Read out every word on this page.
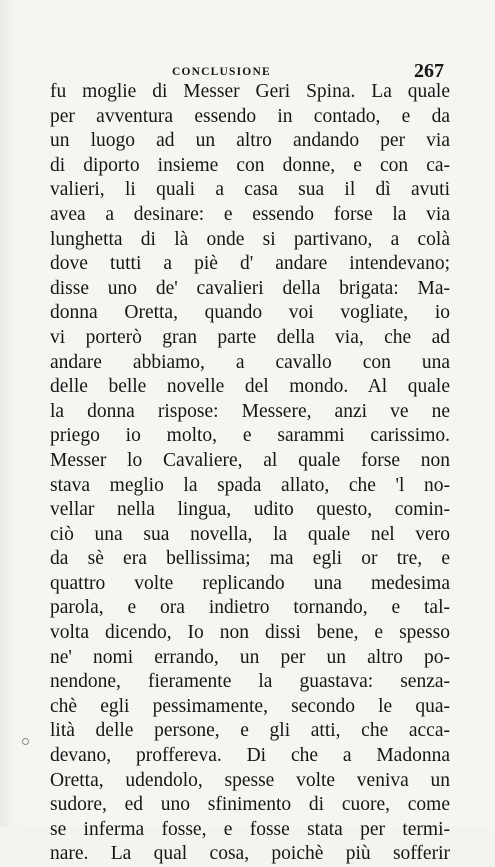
CONCLUSIONE	267
fu moglie di Messer Geri Spina. La quale
per avventura essendo in contado, e da
un luogo ad un altro andando per via
di diporto insieme con donne, e con ca-
valieri, li quali a casa sua il dì avuti
avea a desinare: e essendo forse la via
lunghetta di là onde si partivano, a colà
dove tutti a piè d' andare intendevano;
disse uno de' cavalieri della brigata: Ma-
donna Oretta, quando voi vogliate, io
vi porterò gran parte della via, che ad
andare abbiamo, a cavallo con una
delle belle novelle del mondo. Al quale
la donna rispose: Messere, anzi ve ne
priego io molto, e sarammi carissimo.
Messer lo Cavaliere, al quale forse non
stava meglio la spada allato, che 'l no-
vellar nella lingua, udito questo, comin-
ciò una sua novella, la quale nel vero
da sè era bellissima; ma egli or tre, e
quattro volte replicando una medesima
parola, e ora indietro tornando, e tal-
volta dicendo, Io non dissi bene, e spesso
ne' nomi errando, un per un altro po-
nendone, fieramente la guastava: senza-
chè egli pessimamente, secondo le qua-
lità delle persone, e gli atti, che acca-
devano, proffereva. Di che a Madonna
Oretta, udendolo, spesse volte veniva un
sudore, ed uno sfinimento di cuore, come
se inferma fosse, e fosse stata per termi-
nare. La qual cosa, poichè più sofferir
